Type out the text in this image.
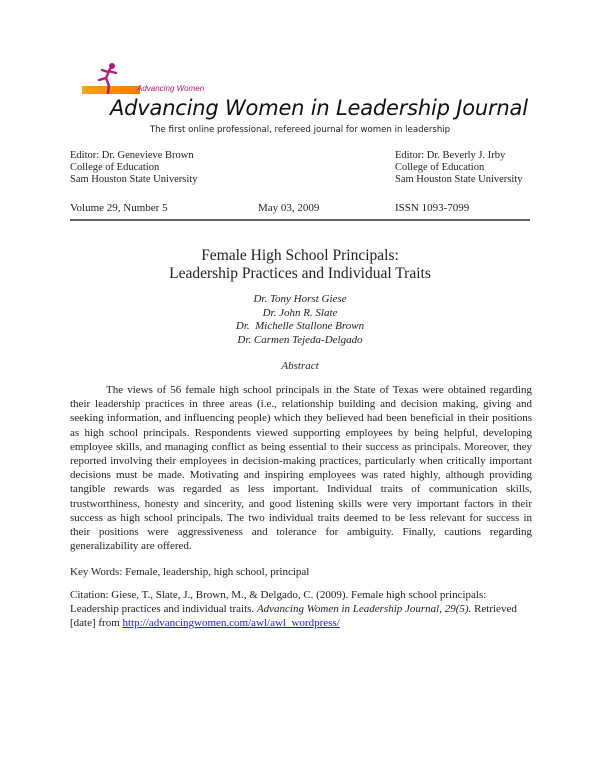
Advancing Women
Advancing Women in Leadership Journal
The first online professional, refereed journal for women in leadership
Editor: Dr. Genevieve Brown
College of Education
Sam Houston State University
Editor: Dr. Beverly J. Irby
College of Education
Sam Houston State University
Volume 29, Number 5	May 03, 2009	ISSN 1093-7099
Female High School Principals:
Leadership Practices and Individual Traits
Dr. Tony Horst Giese
Dr. John R. Slate
Dr.  Michelle Stallone Brown
Dr. Carmen Tejeda-Delgado
Abstract

The views of 56 female high school principals in the State of Texas were obtained regarding their leadership practices in three areas (i.e., relationship building and decision making, giving and seeking information, and influencing people) which they believed had been beneficial in their positions as high school principals. Respondents viewed supporting employees by being helpful, developing employee skills, and managing conflict as being essential to their success as principals. Moreover, they reported involving their employees in decision-making practices, particularly when critically important decisions must be made. Motivating and inspiring employees was rated highly, although providing tangible rewards was regarded as less important. Individual traits of communication skills, trustworthiness, honesty and sincerity, and good listening skills were very important factors in their success as high school principals. The two individual traits deemed to be less relevant for success in their positions were aggressiveness and tolerance for ambiguity. Finally, cautions regarding generalizability are offered.

Key Words: Female, leadership, high school, principal
Citation: Giese, T., Slate, J., Brown, M., & Delgado, C. (2009). Female high school principals: Leadership practices and individual traits. Advancing Women in Leadership Journal, 29(5). Retrieved [date] from http://advancingwomen.com/awl/awl_wordpress/
